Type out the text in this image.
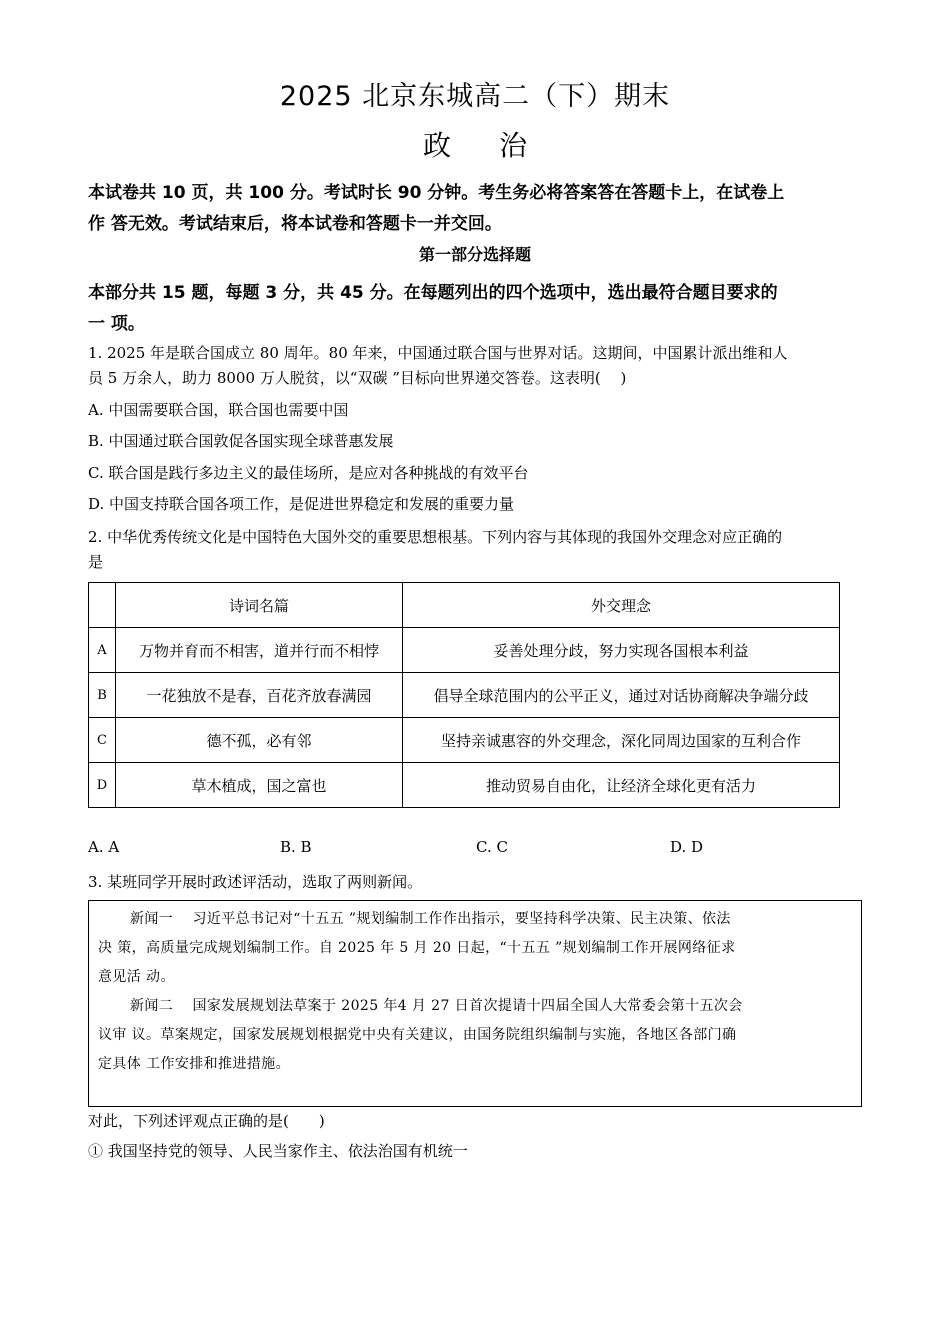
2025 北京东城高二（下）期末
政治
本试卷共 10 页，共 100 分。考试时长 90 分钟。考生务必将答案答在答题卡上，在试卷上
作 答无效。考试结束后，将本试卷和答题卡一并交回。
第一部分选择题
本部分共 15 题，每题 3 分，共 45 分。在每题列出的四个选项中，选出最符合题目要求的
一 项。
1. 2025 年是联合国成立 80 周年。80 年来，中国通过联合国与世界对话。这期间，中国累计派出维和人
员 5 万余人，助力 8000 万人脱贫，以“双碳 ”目标向世界递交答卷。这表明(　 )
A. 中国需要联合国，联合国也需要中国
B. 中国通过联合国敦促各国实现全球普惠发展
C. 联合国是践行多边主义的最佳场所，是应对各种挑战的有效平台
D. 中国支持联合国各项工作，是促进世界稳定和发展的重要力量
2. 中华优秀传统文化是中国特色大国外交的重要思想根基。下列内容与其体现的我国外交理念对应正确的
是
	诗词名篇	外交理念
A	万物并育而不相害，道并行而不相悖	妥善处理分歧，努力实现各国根本利益
B	一花独放不是春，百花齐放春满园	倡导全球范围内的公平正义，通过对话协商解决争端分歧
C	德不孤，必有邻	坚持亲诚惠容的外交理念，深化同周边国家的互利合作
D	草木植成，国之富也	推动贸易自由化，让经济全球化更有活力
A. A	B. B	C. C	D. D
3. 某班同学开展时政述评活动，选取了两则新闻。
新闻一　 习近平总书记对“十五五 ”规划编制工作作出指示，要坚持科学决策、民主决策、依法
决 策，高质量完成规划编制工作。自 2025 年 5 月 20 日起，“十五五 ”规划编制工作开展网络征求
意见活 动。
新闻二　 国家发展规划法草案于 2025 年4 月 27 日首次提请十四届全国人大常委会第十五次会
议审 议。草案规定，国家发展规划根据党中央有关建议，由国务院组织编制与实施，各地区各部门确
定具体 工作安排和推进措施。
对此，下列述评观点正确的是(　　)
① 我国坚持党的领导、人民当家作主、依法治国有机统一
